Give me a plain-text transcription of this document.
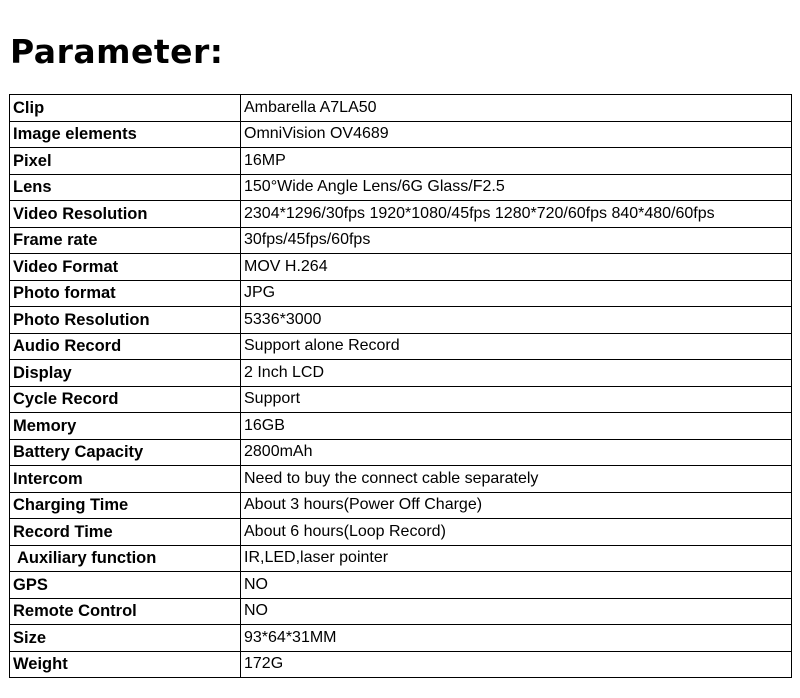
Parameter:
Clip	Ambarella A7LA50
Image elements	OmniVision OV4689
Pixel	16MP
Lens	150°Wide Angle Lens/6G Glass/F2.5
Video Resolution	2304*1296/30fps 1920*1080/45fps 1280*720/60fps 840*480/60fps
Frame rate	30fps/45fps/60fps
Video Format	MOV H.264
Photo format	JPG
Photo Resolution	5336*3000
Audio Record	Support alone Record
Display	2 Inch LCD
Cycle Record	Support
Memory	16GB
Battery Capacity	2800mAh
Intercom	Need to buy the connect cable separately
Charging Time	About 3 hours(Power Off Charge)
Record Time	About 6 hours(Loop Record)
Auxiliary function	IR,LED,laser pointer
GPS	NO
Remote Control	NO
Size	93*64*31MM
Weight	172G
